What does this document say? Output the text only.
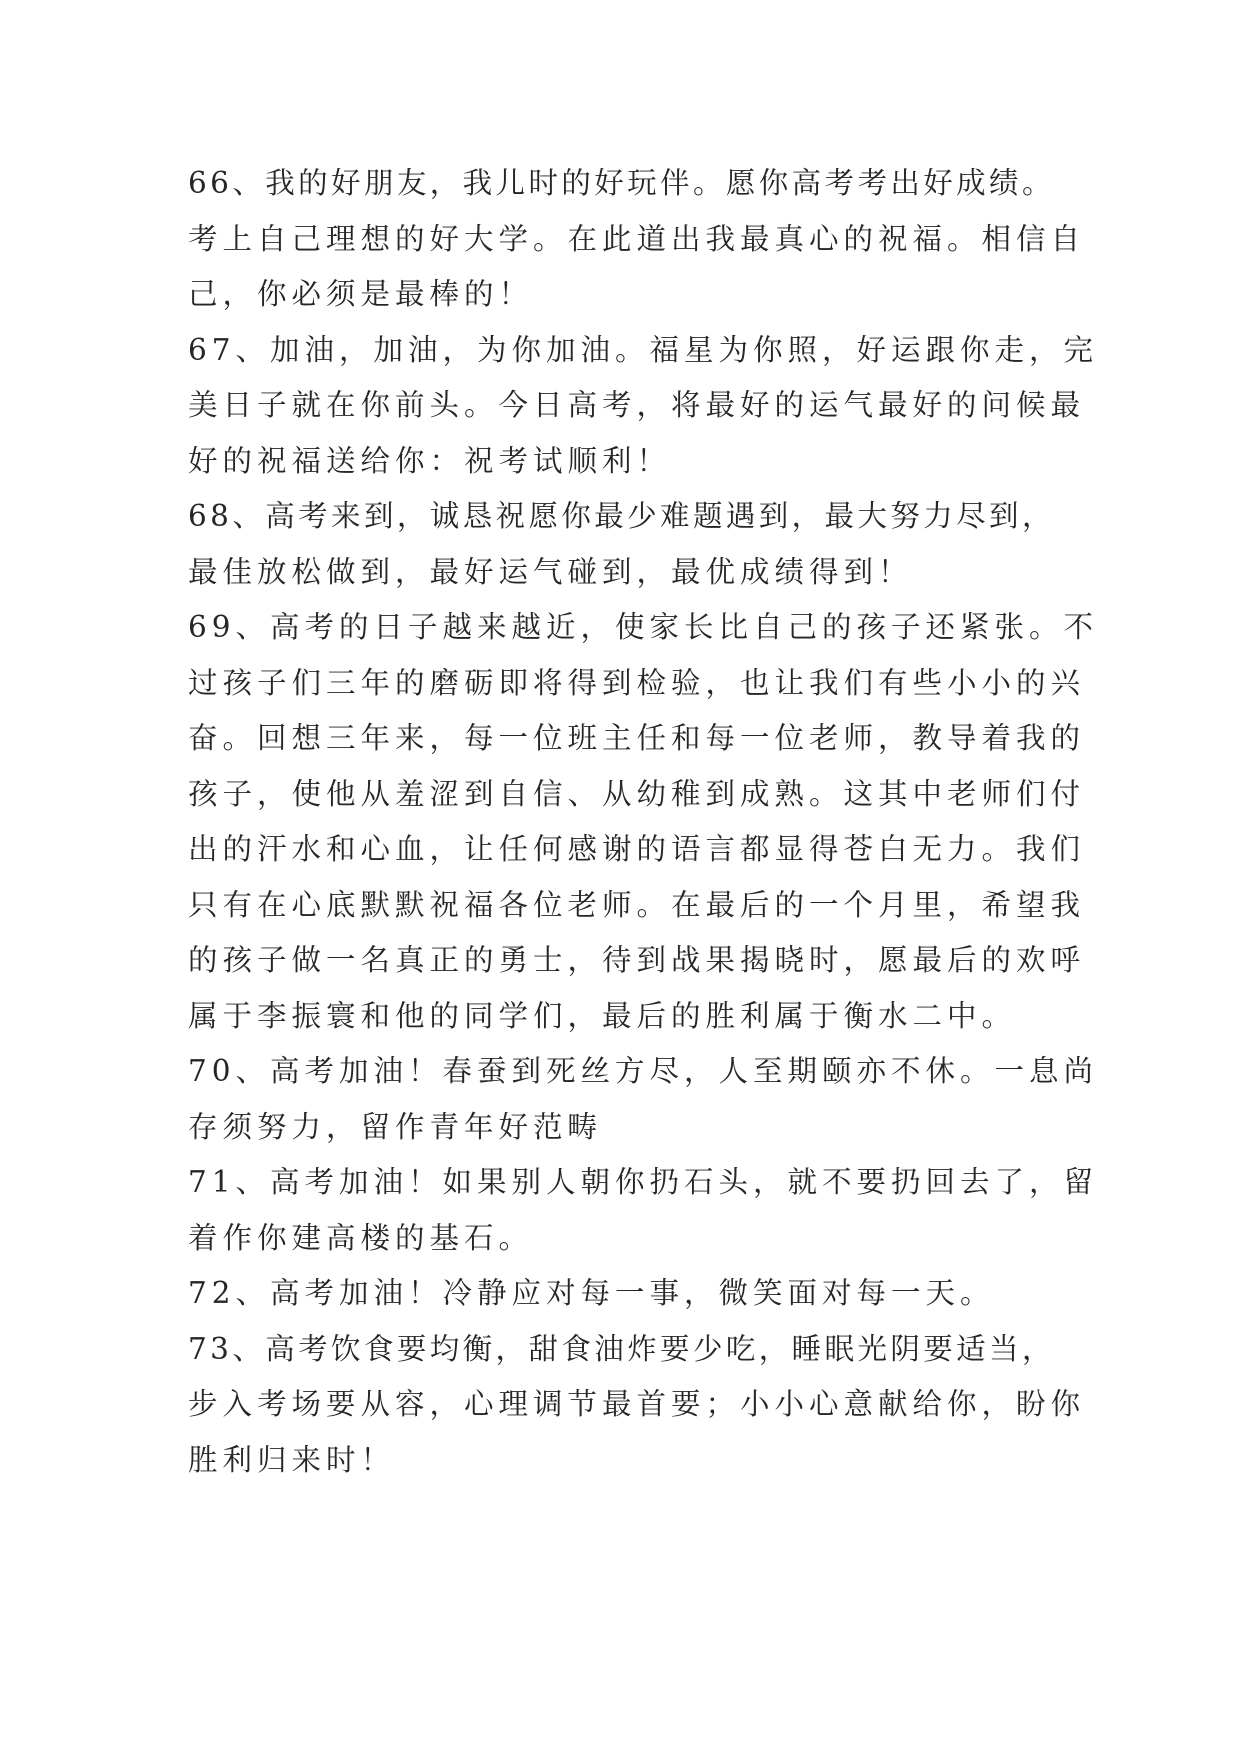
66、我的好朋友，我儿时的好玩伴。愿你高考考出好成绩。
考上自己理想的好大学。在此道出我最真心的祝福。相信自
己，你必须是最棒的！
67、加油，加油，为你加油。福星为你照，好运跟你走，完
美日子就在你前头。今日高考，将最好的运气最好的问候最
好的祝福送给你：祝考试顺利！
68、高考来到，诚恳祝愿你最少难题遇到，最大努力尽到，
最佳放松做到，最好运气碰到，最优成绩得到！
69、高考的日子越来越近，使家长比自己的孩子还紧张。不
过孩子们三年的磨砺即将得到检验，也让我们有些小小的兴
奋。回想三年来，每一位班主任和每一位老师，教导着我的
孩子，使他从羞涩到自信、从幼稚到成熟。这其中老师们付
出的汗水和心血，让任何感谢的语言都显得苍白无力。我们
只有在心底默默祝福各位老师。在最后的一个月里，希望我
的孩子做一名真正的勇士，待到战果揭晓时，愿最后的欢呼
属于李振寰和他的同学们，最后的胜利属于衡水二中。
70、高考加油！春蚕到死丝方尽，人至期颐亦不休。一息尚
存须努力，留作青年好范畴
71、高考加油！如果别人朝你扔石头，就不要扔回去了，留
着作你建高楼的基石。
72、高考加油！冷静应对每一事，微笑面对每一天。
73、高考饮食要均衡，甜食油炸要少吃，睡眠光阴要适当，
步入考场要从容，心理调节最首要；小小心意献给你，盼你
胜利归来时！
